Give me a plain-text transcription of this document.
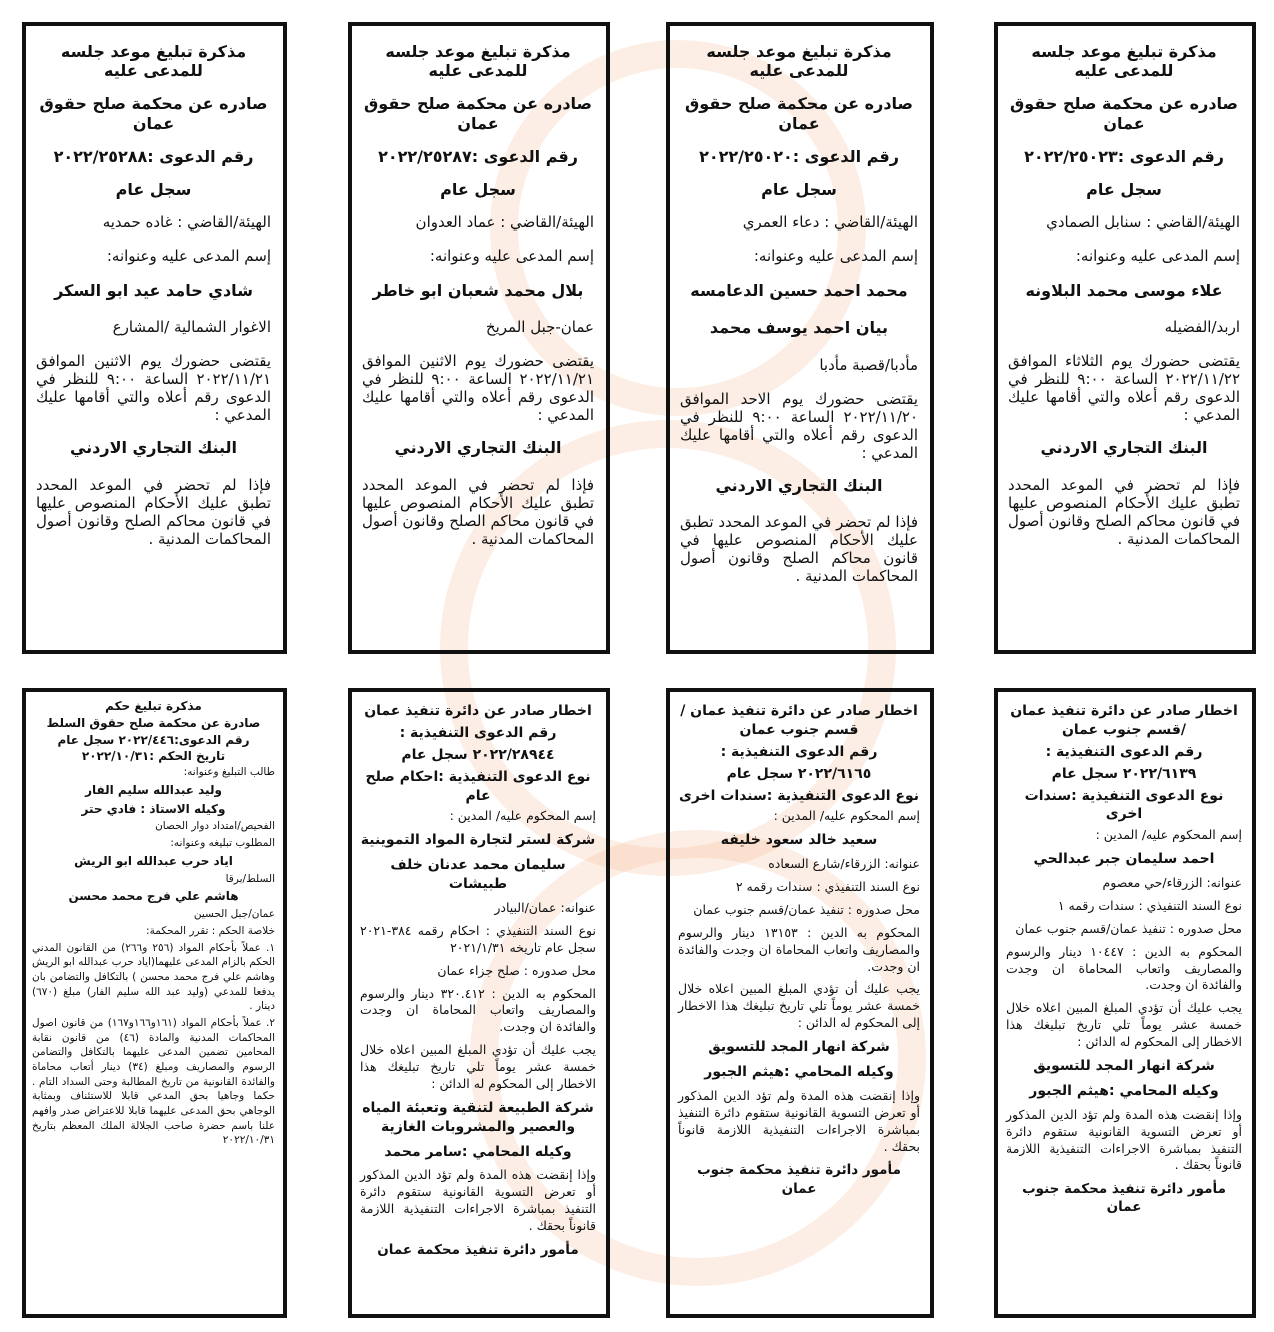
مذكرة تبليغ موعد جلسه للمدعى عليه
صادره عن محكمة صلح حقوق عمان
رقم الدعوى :٢٠٢٢/٢٥٠٢٣
سجل عام
الهيئة/القاضي : سنابل الصمادي
إسم المدعى عليه وعنوانه:
علاء موسى محمد البلاونه
اربد/الفضيله
يقتضى حضورك يوم الثلاثاء الموافق ٢٠٢٢/١١/٢٢ الساعة ٩:٠٠ للنظر في الدعوى رقم أعلاه والتي أقامها عليك المدعي :
البنك التجاري الاردني
فإذا لم تحضر في الموعد المحدد تطبق عليك الأحكام المنصوص عليها في قانون محاكم الصلح وقانون أصول المحاكمات المدنية .
مذكرة تبليغ موعد جلسه للمدعى عليه
صادره عن محكمة صلح حقوق عمان
رقم الدعوى :٢٠٢٢/٢٥٠٢٠
سجل عام
الهيئة/القاضي : دعاء العمري
إسم المدعى عليه وعنوانه:
محمد احمد حسين الدعامسه
بيان احمد يوسف محمد
مأدبا/قصبة مأدبا
يقتضى حضورك يوم الاحد الموافق ٢٠٢٢/١١/٢٠ الساعة ٩:٠٠ للنظر في الدعوى رقم أعلاه والتي أقامها عليك المدعي :
البنك التجاري الاردني
فإذا لم تحضر في الموعد المحدد تطبق عليك الأحكام المنصوص عليها في قانون محاكم الصلح وقانون أصول المحاكمات المدنية .
مذكرة تبليغ موعد جلسه للمدعى عليه
صادره عن محكمة صلح حقوق عمان
رقم الدعوى :٢٠٢٢/٢٥٢٨٧
سجل عام
الهيئة/القاضي : عماد العدوان
إسم المدعى عليه وعنوانه:
بلال محمد شعبان ابو خاطر
عمان-جبل المريخ
يقتضى حضورك يوم الاثنين الموافق ٢٠٢٢/١١/٢١ الساعة ٩:٠٠ للنظر في الدعوى رقم أعلاه والتي أقامها عليك المدعي :
البنك التجاري الاردني
فإذا لم تحضر في الموعد المحدد تطبق عليك الأحكام المنصوص عليها في قانون محاكم الصلح وقانون أصول المحاكمات المدنية .
مذكرة تبليغ موعد جلسه للمدعى عليه
صادره عن محكمة صلح حقوق عمان
رقم الدعوى :٢٠٢٢/٢٥٢٨٨
سجل عام
الهيئة/القاضي : غاده حمديه
إسم المدعى عليه وعنوانه:
شادي حامد عيد ابو السكر
الاغوار الشمالية /المشارع
يقتضى حضورك يوم الاثنين الموافق ٢٠٢٢/١١/٢١ الساعة ٩:٠٠ للنظر في الدعوى رقم أعلاه والتي أقامها عليك المدعي :
البنك التجاري الاردني
فإذا لم تحضر في الموعد المحدد تطبق عليك الأحكام المنصوص عليها في قانون محاكم الصلح وقانون أصول المحاكمات المدنية .
اخطار صادر عن دائرة تنفيذ عمان /قسم جنوب عمان
رقم الدعوى التنفيذية :
٢٠٢٢/٦١٣٩ سجل عام
نوع الدعوى التنفيذية :سندات اخرى
إسم المحكوم عليه/ المدين :
احمد سليمان جبر عبدالحي
عنوانه: الزرقاء/حي معصوم
نوع السند التنفيذي : سندات رقمه ١
محل صدوره : تنفيذ عمان/قسم جنوب عمان
المحكوم به الدين : ١٠٤٤٧ دينار والرسوم والمصاريف واتعاب المحاماة ان وجدت والفائدة ان وجدت.
يجب عليك أن تؤدي المبلغ المبين اعلاه خلال خمسة عشر يوماً تلي تاريخ تبليغك هذا الاخطار إلى المحكوم له الدائن :
شركة انهار المجد للتسويق
وكيله المحامي :هيثم الجبور
وإذا إنقضت هذه المدة ولم تؤد الدين المذكور أو تعرض التسوية القانونية ستقوم دائرة التنفيذ بمباشرة الاجراءات التنفيذية اللازمة قانوناً بحقك .
مأمور دائرة تنفيذ محكمة جنوب عمان
اخطار صادر عن دائرة تنفيذ عمان /قسم جنوب عمان
رقم الدعوى التنفيذية :
٢٠٢٢/٦١٦٥ سجل عام
نوع الدعوى التنفيذية :سندات اخرى
إسم المحكوم عليه/ المدين :
سعيد خالد سعود خليفه
عنوانه: الزرقاء/شارع السعاده
نوع السند التنفيذي : سندات رقمه ٢
محل صدوره : تنفيذ عمان/قسم جنوب عمان
المحكوم به الدين : ١٣١٥٣ دينار والرسوم والمصاريف واتعاب المحاماة ان وجدت والفائدة ان وجدت.
يجب عليك أن تؤدي المبلغ المبين اعلاه خلال خمسة عشر يوماً تلي تاريخ تبليغك هذا الاخطار إلى المحكوم له الدائن :
شركة انهار المجد للتسويق
وكيله المحامي :هيثم الجبور
وإذا إنقضت هذه المدة ولم تؤد الدين المذكور أو تعرض التسوية القانونية ستقوم دائرة التنفيذ بمباشرة الاجراءات التنفيذية اللازمة قانوناً بحقك .
مأمور دائرة تنفيذ محكمة جنوب عمان
اخطار صادر عن دائرة تنفيذ عمان
رقم الدعوى التنفيذية :
٢٠٢٢/٢٨٩٤٤ سجل عام
نوع الدعوى التنفيذية :احكام صلح عام
إسم المحكوم عليه/ المدين :
شركة لستر لتجارة المواد التموينية
سليمان محمد عدنان خلف طبيشات
عنوانه: عمان/البيادر
نوع السند التنفيذي : احكام رقمه ٣٨٤-٢٠٢١ سجل عام تاريخه ٢٠٢١/١/٣١
محل صدوره : صلح جزاء عمان
المحكوم به الدين : ٣٢٠.٤١٢ دينار والرسوم والمصاريف واتعاب المحاماة ان وجدت والفائدة ان وجدت.
يجب عليك أن تؤدي المبلغ المبين اعلاه خلال خمسة عشر يوماً تلي تاريخ تبليغك هذا الاخطار إلى المحكوم له الدائن :
شركة الطبيعة لتنقية وتعبئة المياه والعصير والمشروبات الغازية
وكيله المحامي :سامر محمد
وإذا إنقضت هذه المدة ولم تؤد الدين المذكور أو تعرض التسوية القانونية ستقوم دائرة التنفيذ بمباشرة الاجراءات التنفيذية اللازمة قانوناً بحقك .
مأمور دائرة تنفيذ محكمة عمان
مذكرة تبليغ حكم
صادرة عن محكمة صلح حقوق السلط
رقم الدعوى:٢٠٢٢/٤٤٦ سجل عام
تاريخ الحكم :٢٠٢٢/١٠/٣١
طالب التبليغ وعنوانه:
وليد عبدالله سليم الفار
وكيله الاستاذ : فادي حتر
الفحيص/امتداد دوار الحصان
المطلوب تبليغه وعنوانه:
اياد حرب عبدالله ابو الريش
السلط/برقا
هاشم علي فرج محمد محسن
عمان/جبل الحسين
خلاصة الحكم : تقرر المحكمة:
١. عملاً بأحكام المواد (٢٥٦ و٢٦٦) من القانون المدني الحكم بالزام المدعى عليهما(اياد حرب عبدالله ابو الريش وهاشم علي فرج محمد محسن ) بالتكافل والتضامن بان يدفعا للمدعي (وليد عبد الله سليم الفار) مبلغ (٦٧٠) دينار .
٢. عملاً بأحكام المواد (١٦١و١٦٦و١٦٧) من قانون اصول المحاكمات المدنية والمادة (٤٦) من قانون نقابة المحامين تضمين المدعى عليهما بالتكافل والتضامن الرسوم والمصاريف ومبلغ (٣٤) دينار أتعاب محاماة والفائدة القانونية من تاريخ المطالبة وحتى السداد التام . حكما وجاهيا بحق المدعي قابلا للاستئناف وبمثابة الوجاهي بحق المدعى عليهما قابلا للاعتراض صدر وافهم علنا باسم حضرة صاحب الجلالة الملك المعظم بتاريخ ٢٠٢٢/١٠/٣١
